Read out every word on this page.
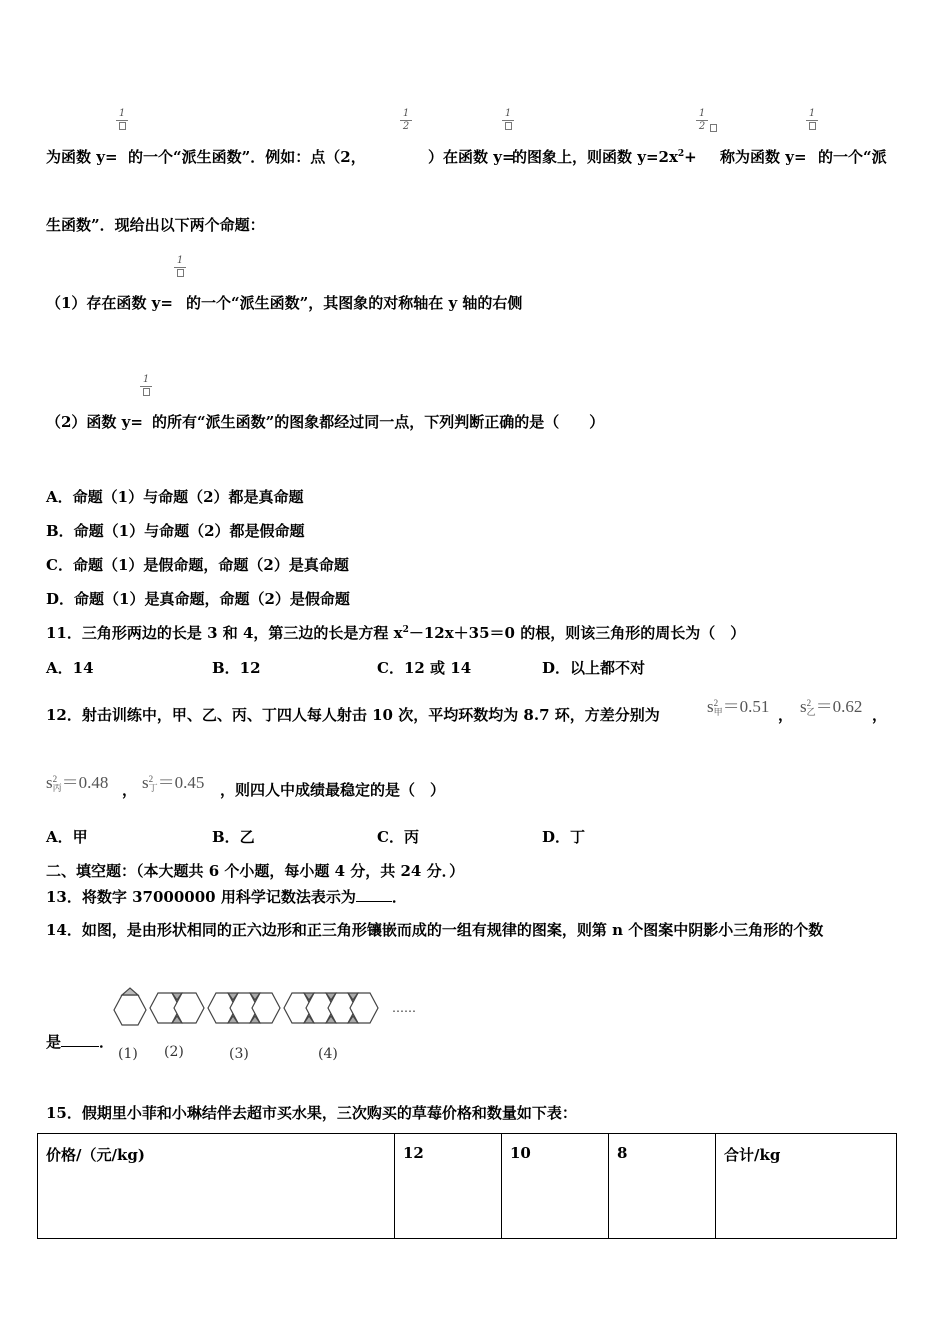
1	1
2
1	1
2
1
为函数 y= 的一个“派生函数”．例如：点（2，	）在函数 y=
的图象上，则函数 $y=2x^2+$ 称为函数 y= 的一个“派
生函数”．现给出以下两个命题：
1
（1）存在函数 y= 的一个“派生函数”，其图象的对称轴在 y 轴的右侧
1
（2）函数 y= 的所有“派生函数”的图象都经过同一点，下列判断正确的是（　　）
A．命题（1）与命题（2）都是真命题
B．命题（1）与命题（2）都是假命题
C．命题（1）是假命题，命题（2）是真命题
D．命题（1）是真命题，命题（2）是假命题
11．三角形两边的长是 3 和 4，第三边的长是方程 $x^2-12x+35=0$ 的根，则该三角形的周长为（　）
A．14	B．12	C．12 或 14	D．以上都不对
12．射击训练中，甲、乙、丙、丁四人每人射击 10 次，平均环数均为 8.7 环，方差分别为	s 2
甲 ＝0.51 ， s 2
乙 ＝0.62 ，
s 2
丙 ＝0.48 ， s 2
丁 ＝0.45 ，则四人中成绩最稳定的是（　）
A．甲	B．乙	C．丙	D．丁
二、填空题：（本大题共 6 个小题，每小题 4 分，共 24 分．）
13．将数字 37000000 用科学记数法表示为 ．
14．如图，是由形状相同的正六边形和正三角形镶嵌而成的一组有规律的图案，则第 n 个图案中阴影小三角形的个数
是	．
……
(1) (2)	(3)	(4)
15．假期里小菲和小琳结伴去超市买水果，三次购买的草莓价格和数量如下表：
价格/（元/kg)	12	10	8	合计/kg
